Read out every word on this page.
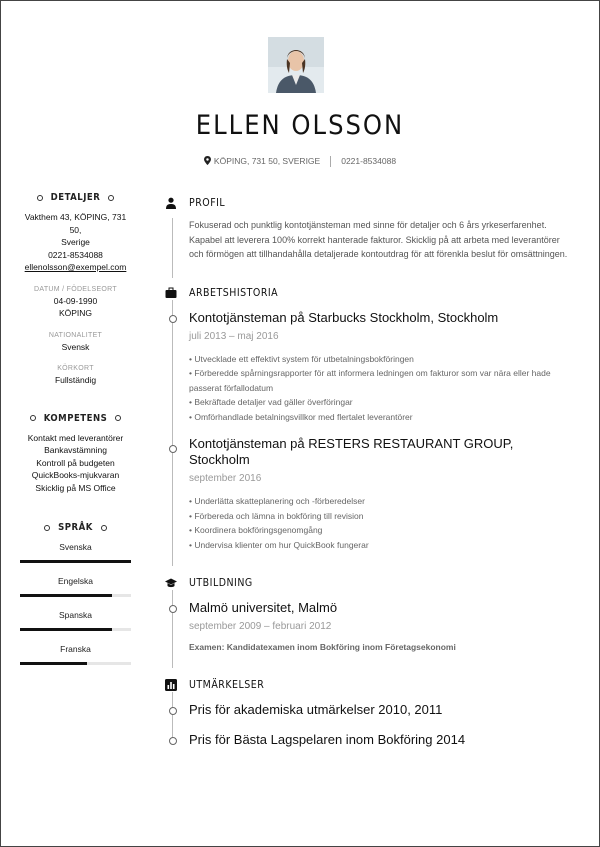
ELLEN OLSSON
KÖPING, 731 50, SVERIGE 0221-8534088
DETALJER
Vakthem 43, KÖPING, 731 50,
Sverige
0221-8534088
ellenolsson@exempel.com
DATUM / FÖDELSEORT
04-09-1990
KÖPING
NATIONALITET
Svensk
KÖRKORT
Fullständig
KOMPETENS
Kontakt med leverantörer
Bankavstämning
Kontroll på budgeten
QuickBooks-mjukvaran
Skicklig på MS Office
SPRÅK
Svenska
Engelska
Spanska
Franska
PROFIL
Fokuserad och punktlig kontotjänsteman med sinne för detaljer och 6 års yrkeserfarenhet. Kapabel att leverera 100% korrekt hanterade fakturor. Skicklig på att arbeta med leverantörer och förmögen att tillhandahålla detaljerade kontoutdrag för att förenkla beslut för omsättningen.
ARBETSHISTORIA
Kontotjänsteman på Starbucks Stockholm, Stockholm
juli 2013 – maj 2016
• Utvecklade ett effektivt system för utbetalningsbokföringen
• Förberedde spårningsrapporter för att informera ledningen om fakturor som var nära eller hade passerat förfallodatum
• Bekräftade detaljer vad gäller överföringar
• Omförhandlade betalningsvillkor med flertalet leverantörer
Kontotjänsteman på RESTERS RESTAURANT GROUP, Stockholm
september 2016
• Underlätta skatteplanering och -förberedelser
• Förbereda och lämna in bokföring till revision
• Koordinera bokföringsgenomgång
• Undervisa klienter om hur QuickBook fungerar
UTBILDNING
Malmö universitet, Malmö
september 2009 – februari 2012
Examen: Kandidatexamen inom Bokföring inom Företagsekonomi
UTMÄRKELSER
Pris för akademiska utmärkelser 2010, 2011
Pris för Bästa Lagspelaren inom Bokföring 2014
